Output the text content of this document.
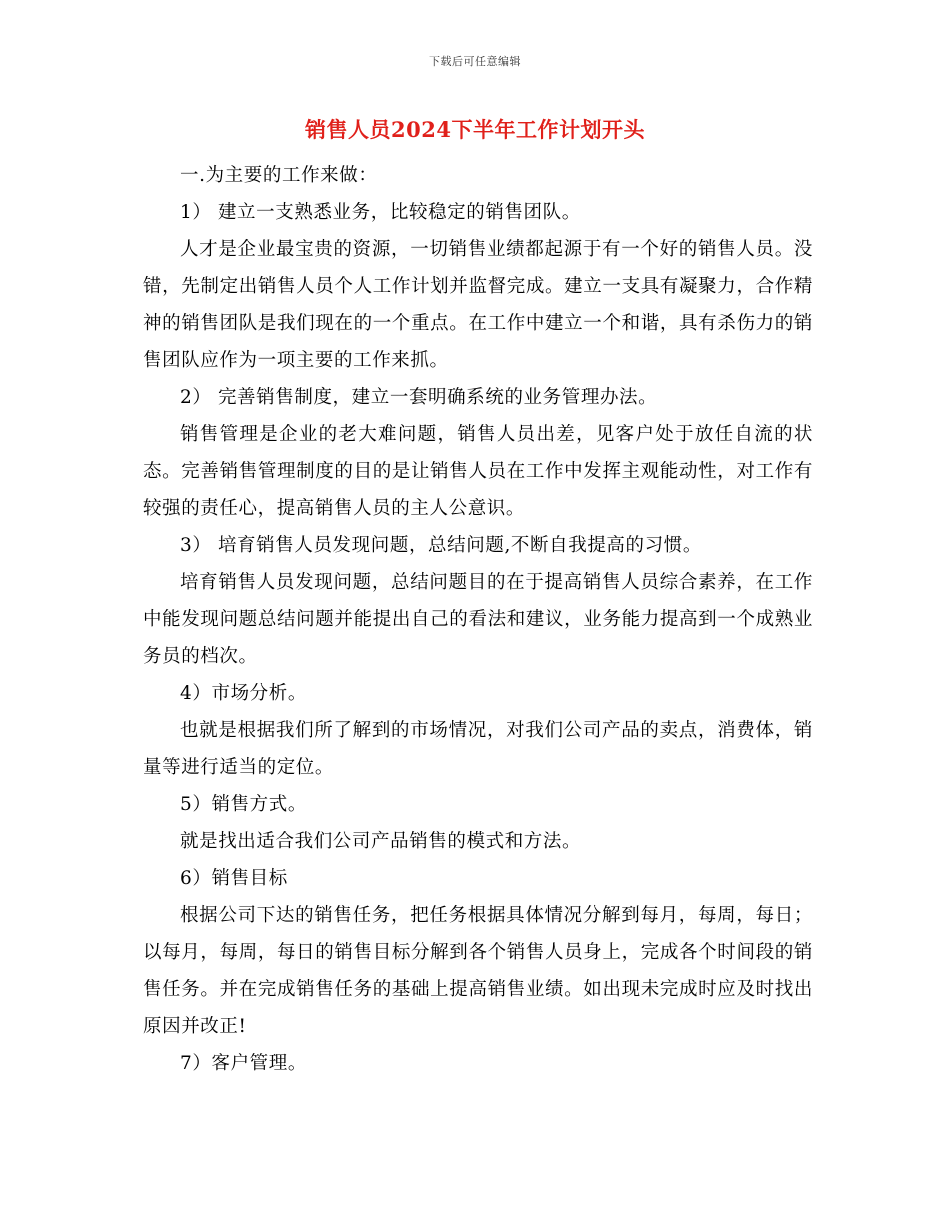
下载后可任意编辑
销售人员2024下半年工作计划开头

一.为主要的工作来做：

1） 建立一支熟悉业务，比较稳定的销售团队。

人才是企业最宝贵的资源，一切销售业绩都起源于有一个好的销售人员。没错，先制定出销售人员个人工作计划并监督完成。建立一支具有凝聚力，合作精神的销售团队是我们现在的一个重点。在工作中建立一个和谐，具有杀伤力的销售团队应作为一项主要的工作来抓。

2） 完善销售制度，建立一套明确系统的业务管理办法。

销售管理是企业的老大难问题，销售人员出差，见客户处于放任自流的状态。完善销售管理制度的目的是让销售人员在工作中发挥主观能动性，对工作有较强的责任心，提高销售人员的主人公意识。

3） 培育销售人员发现问题，总结问题,不断自我提高的习惯。

培育销售人员发现问题，总结问题目的在于提高销售人员综合素养，在工作中能发现问题总结问题并能提出自己的看法和建议，业务能力提高到一个成熟业务员的档次。

4）市场分析。

也就是根据我们所了解到的市场情况，对我们公司产品的卖点，消费体，销量等进行适当的定位。

5）销售方式。

就是找出适合我们公司产品销售的模式和方法。

6）销售目标

根据公司下达的销售任务，把任务根据具体情况分解到每月，每周，每日；以每月，每周，每日的销售目标分解到各个销售人员身上，完成各个时间段的销售任务。并在完成销售任务的基础上提高销售业绩。如出现未完成时应及时找出原因并改正!

7）客户管理。
